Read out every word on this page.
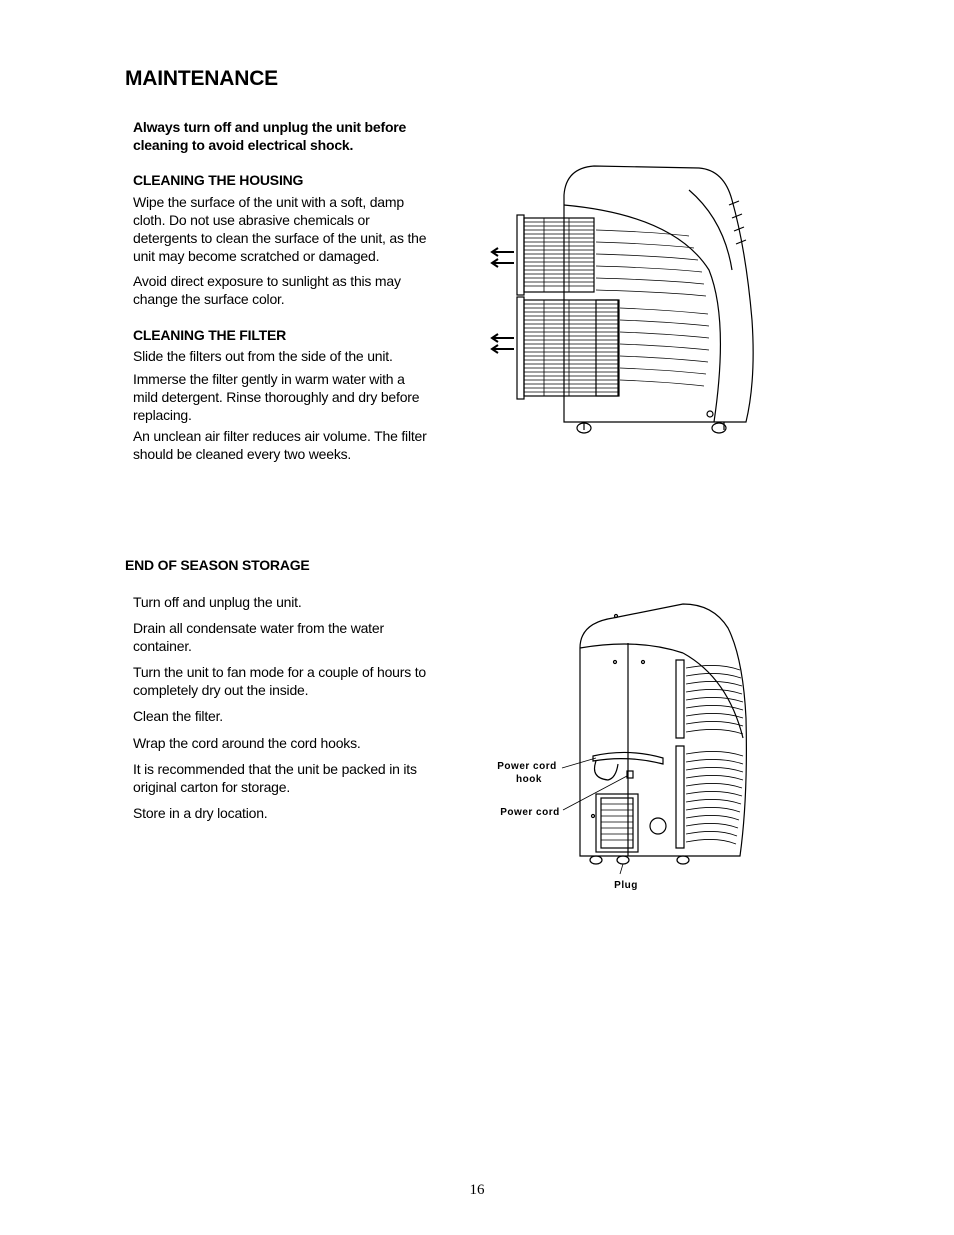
MAINTENANCE
Always turn off and unplug the unit before cleaning to avoid electrical shock.
CLEANING THE HOUSING
Wipe the surface of the unit with a soft, damp cloth. Do not use abrasive chemicals or detergents to clean the surface of the unit, as the unit may become scratched or damaged.
Avoid direct exposure to sunlight as this may change the surface color.
CLEANING THE FILTER
Slide the filters out from the side of the unit.
Immerse the filter gently in warm water with a mild detergent. Rinse thoroughly and dry before replacing.
An unclean air filter reduces air volume. The filter should be cleaned every two weeks.
END OF SEASON STORAGE
Turn off and unplug the unit.
Drain all condensate water from the water container.
Turn the unit to fan mode for a couple of hours to completely dry out the inside.
Clean the filter.
Wrap the cord around the cord hooks.
It is recommended that the unit be packed in its original carton for storage.
Store in a dry location.
Power cord
hook
Power cord
Plug
16
